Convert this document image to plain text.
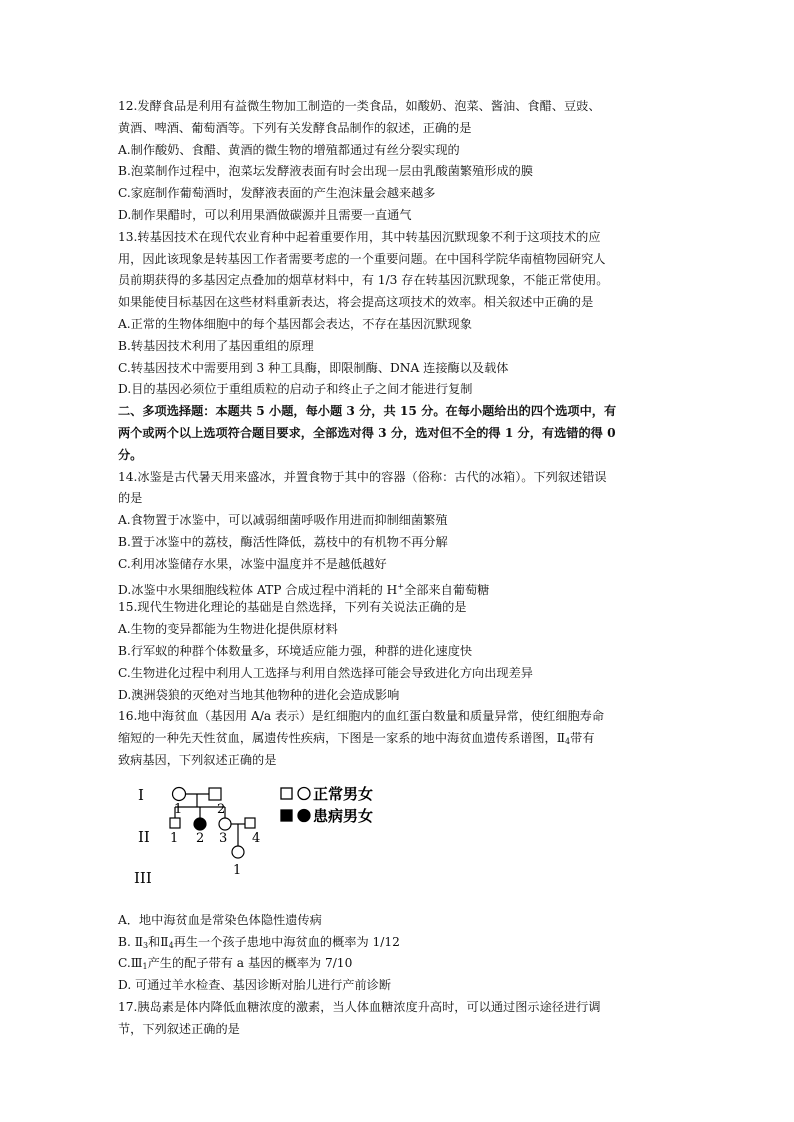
12.发酵食品是利用有益微生物加工制造的一类食品，如酸奶、泡菜、酱油、食醋、豆豉、
黄酒、啤酒、葡萄酒等。下列有关发酵食品制作的叙述，正确的是
A.制作酸奶、食醋、黄酒的微生物的增殖都通过有丝分裂实现的
B.泡菜制作过程中，泡菜坛发酵液表面有时会出现一层由乳酸菌繁殖形成的膜
C.家庭制作葡萄酒时，发酵液表面的产生泡沫量会越来越多
D.制作果醋时，可以利用果酒做碳源并且需要一直通气
13.转基因技术在现代农业育种中起着重要作用，其中转基因沉默现象不利于这项技术的应
用，因此该现象是转基因工作者需要考虑的一个重要问题。在中国科学院华南植物园研究人
员前期获得的多基因定点叠加的烟草材料中，有 1/3 存在转基因沉默现象，不能正常使用。
如果能使目标基因在这些材料重新表达，将会提高这项技术的效率。相关叙述中正确的是
A.正常的生物体细胞中的每个基因都会表达，不存在基因沉默现象
B.转基因技术利用了基因重组的原理
C.转基因技术中需要用到 3 种工具酶，即限制酶、DNA 连接酶以及载体
D.目的基因必须位于重组质粒的启动子和终止子之间才能进行复制
二、多项选择题：本题共 5 小题，每小题 3 分，共 15 分。在每小题给出的四个选项中，有
两个或两个以上选项符合题目要求，全部选对得 3 分，选对但不全的得 1 分，有选错的得 0
分。
14.冰鉴是古代暑天用来盛冰，并置食物于其中的容器（俗称：古代的冰箱）。下列叙述错误
的是
A.食物置于冰鉴中，可以减弱细菌呼吸作用进而抑制细菌繁殖
B.置于冰鉴中的荔枝，酶活性降低，荔枝中的有机物不再分解
C.利用冰鉴储存水果，冰鉴中温度并不是越低越好
D.冰鉴中水果细胞线粒体 ATP 合成过程中消耗的 H+全部来自葡萄糖
15.现代生物进化理论的基础是自然选择，下列有关说法正确的是
A.生物的变异都能为生物进化提供原材料
B.行军蚁的种群个体数量多，环境适应能力强，种群的进化速度快
C.生物进化过程中利用人工选择与利用自然选择可能会导致进化方向出现差异
D.澳洲袋狼的灭绝对当地其他物种的进化会造成影响
16.地中海贫血（基因用 A/a 表示）是红细胞内的血红蛋白数量和质量异常，使红细胞寿命
缩短的一种先天性贫血，属遗传性疾病，下图是一家系的地中海贫血遗传系谱图，$Ⅱ_4$带有
致病基因，下列叙述正确的是
I
II
III
1	2
1 2 3 4
1
正常男女
患病男女
A．地中海贫血是常染色体隐性遗传病
B. $Ⅱ_3$和$Ⅱ_4$再生一个孩子患地中海贫血的概率为 1/12
$C.Ⅲ_1$产生的配子带有 a 基因的概率为 7/10
D. 可通过羊水检查、基因诊断对胎儿进行产前诊断
17.胰岛素是体内降低血糖浓度的激素，当人体血糖浓度升高时，可以通过图示途径进行调
节，下列叙述正确的是
